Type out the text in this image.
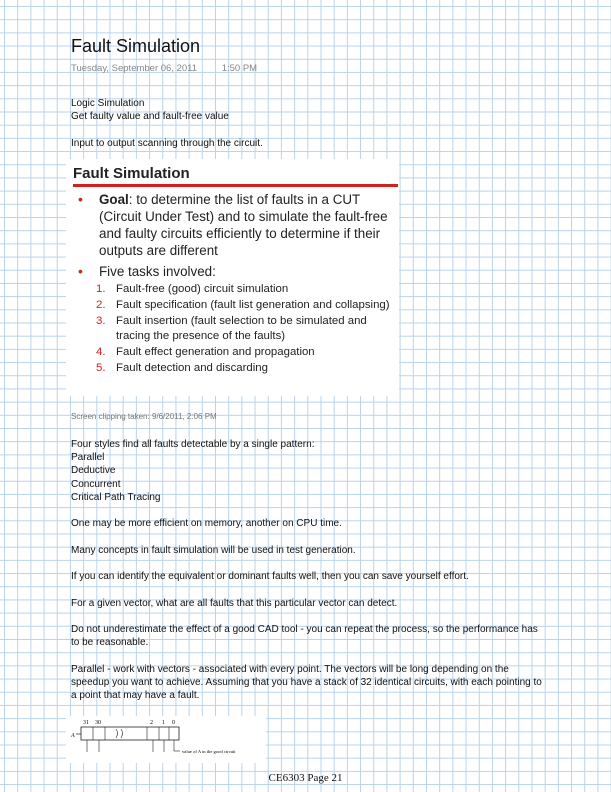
Fault Simulation
Tuesday, September 06, 2011	1:50 PM

Logic Simulation

Get faulty value and fault-free value

Input to output scanning through the circuit.

Fault Simulation
• Goal: to determine the list of faults in a CUT (Circuit Under Test) and to simulate the fault-free and faulty circuits efficiently to determine if their outputs are different
• Five tasks involved:
1. Fault-free (good) circuit simulation
2. Fault specification (fault list generation and collapsing)
3. Fault insertion (fault selection to be simulated and tracing the presence of the faults)
4. Fault effect generation and propagation
5. Fault detection and discarding
Screen clipping taken: 9/6/2011, 2:06 PM

Four styles find all faults detectable by a single pattern:

Parallel

Deductive

Concurrent

Critical Path Tracing

One may be more efficient on memory, another on CPU time.

Many concepts in fault simulation will be used in test generation.

If you can identify the equivalent or dominant faults well, then you can save yourself effort.

For a given vector, what are all faults that this particular vector can detect.

Do not underestimate the effect of a good CAD tool - you can repeat the process, so the performance has to be reasonable.

Parallel - work with vectors - associated with every point. The vectors will be long depending on the speedup you want to achieve. Assuming that you have a stack of 32 identical circuits, with each pointing to a point that may have a fault.

31 30	2 1 0
A
value of A in the good circuit
CE6303 Page 21
